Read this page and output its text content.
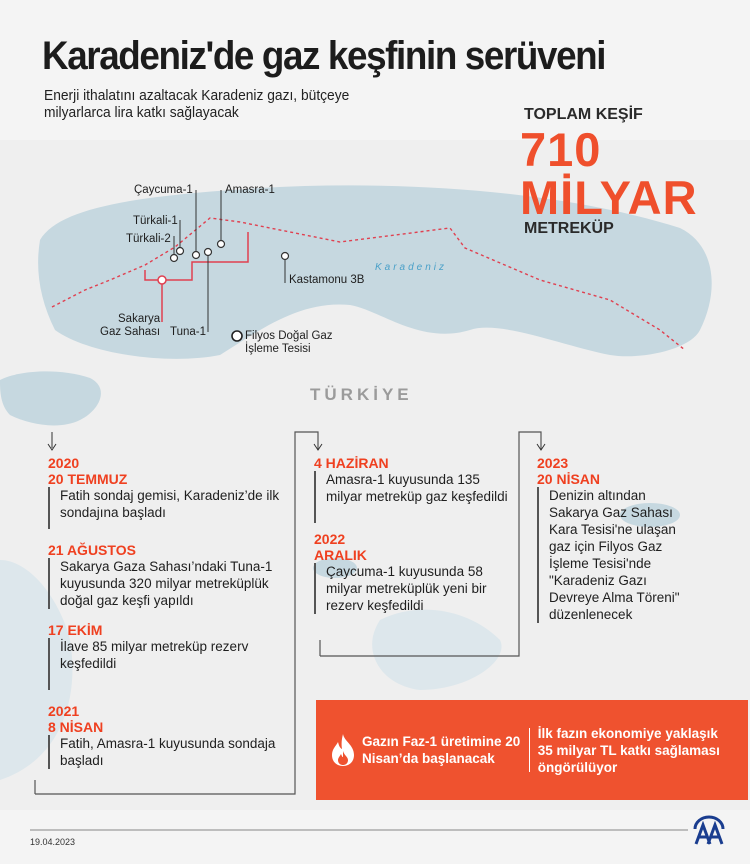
Karadeniz'de gaz keşfinin serüveni
Enerji ithalatını azaltacak Karadeniz gazı, bütçeye milyarlarca lira katkı sağlayacak	TOPLAM KEŞİF
710
MİLYAR
METREKÜP
Çaycuma-1	Amasra-1
Türkali-1
Türkali-2
Kastamonu 3B
Sakarya
Gaz Sahası Tuna-1	Filyos Doğal Gaz
İşleme Tesisi
Karadeniz
TÜRKİYE
2020
20 TEMMUZ
Fatih sondaj gemisi, Karadeniz’de ilk sondajına başladı
21 AĞUSTOS
Sakarya Gaza Sahası’ndaki Tuna-1 kuyusunda 320 milyar metreküplük doğal gaz keşfi yapıldı
17 EKİM
İlave 85 milyar metreküp rezerv keşfedildi
2021
8 NİSAN
Fatih, Amasra-1 kuyusunda sondaja başladı
4 HAZİRAN
Amasra-1 kuyusunda 135 milyar metreküp gaz keşfedildi
2022
ARALIK
Çaycuma-1 kuyusunda 58 milyar metreküplük yeni bir rezerv keşfedildi
2023
20 NİSAN
Denizin altından Sakarya Gaz Sahası Kara Tesisi'ne ulaşan gaz için Filyos Gaz İşleme Tesisi'nde "Karadeniz Gazı Devreye Alma Töreni" düzenlenecek
Gazın Faz-1 üretimine 20 Nisan’da başlanacak
İlk fazın ekonomiye yaklaşık 35 milyar TL katkı sağlaması öngörülüyor
19.04.2023
